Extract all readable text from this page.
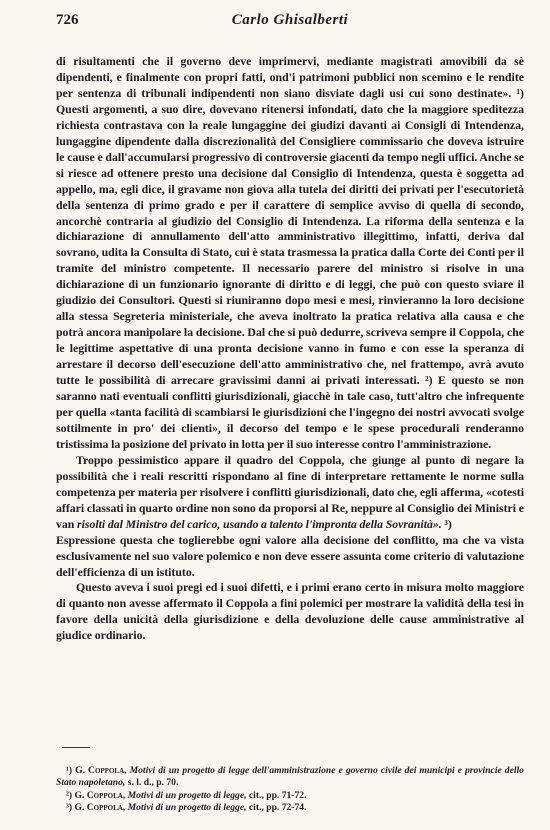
726	Carlo Ghisalberti

di risultamenti che il governo deve imprimervi, mediante magistrati amovibili da sè dipendenti, e finalmente con propri fatti, ond'i patrimoni pubblici non scemino e le rendite per sentenza di tribunali indipendenti non siano disviate dagli usi cui sono destinate». ¹) Questi argomenti, a suo dire, dovevano ritenersi infondati, dato che la maggiore speditezza richiesta contrastava con la reale lungaggine dei giudizi davanti ai Consigli di Intendenza, lungaggine dipendente dalla discrezionalità del Consigliere commissario che doveva istruire le cause e dall'accumularsi progressivo di controversie giacenti da tempo negli uffici. Anche se si riesce ad ottenere presto una decisione dal Consiglio di Intendenza, questa è soggetta ad appello, ma, egli dice, il gravame non giova alla tutela dei diritti dei privati per l'esecutorietà della sentenza di primo grado e per il carattere di semplice avviso di quella di secondo, ancorchè contraria al giudizio del Consiglio di Intendenza. La riforma della sentenza e la dichiarazione di annullamento dell'atto amministrativo illegittimo, infatti, deriva dal sovrano, udita la Consulta di Stato, cui è stata trasmessa la pratica dalla Corte dei Conti per il tramite del ministro competente. Il necessario parere del ministro si risolve in una dichiarazione di un funzionario ignorante di diritto e di leggi, che può con questo sviare il giudizio dei Consultori. Questi si riuniranno dopo mesi e mesi, rinvieranno la loro decisione alla stessa Segreteria ministeriale, che aveva inoltrato la pratica relativa alla causa e che potrà ancora manipolare la decisione. Dal che si può dedurre, scriveva sempre il Coppola, che le legittime aspettative di una pronta decisione vanno in fumo e con esse la speranza di arrestare il decorso dell'esecuzione dell'atto amministrativo che, nel frattempo, avrà avuto tutte le possibilità di arrecare gravissimi danni ai privati interessati. ²) E questo se non saranno nati eventuali conflitti giurisdizionali, giacchè in tale caso, tutt'altro che infrequente per quella «tanta facilità di scambiarsi le giurisdizioni che l'ingegno dei nostri avvocati svolge sottilmente in pro' dei clienti», il decorso del tempo e le spese procedurali renderanno tristissima la posizione del privato in lotta per il suo interesse contro l'amministrazione.

Troppo pessimistico appare il quadro del Coppola, che giunge al punto di negare la possibilità che i reali rescritti rispondano al fine di interpretare rettamente le norme sulla competenza per materia per risolvere i conflitti giurisdizionali, dato che, egli afferma, «cotesti affari classati in quarto ordine non sono da proporsi al Re, neppure al Consiglio dei Ministri e van risolti dal Ministro del carico, usando a talento l'impronta della Sovranità». ³)

Espressione questa che toglierebbe ogni valore alla decisione del conflitto, ma che va vista esclusivamente nel suo valore polemico e non deve essere assunta come criterio di valutazione dell'efficienza di un istituto.

Questo aveva i suoi pregi ed i suoi difetti, e i primi erano certo in misura molto maggiore di quanto non avesse affermato il Coppola a fini polemici per mostrare la validità della tesi in favore della unicità della giurisdizione e della devoluzione delle cause amministrative al giudice ordinario.

¹) G. Coppola, Motivi di un progetto di legge dell'amministrazione e governo civile dei municipi e provincie dello Stato napoletano, s. l. d., p. 70.

²) G. Coppola, Motivi di un progetto di legge, cit., pp. 71-72.

³) G. Coppola, Motivi di un progetto di legge, cit., pp. 72-74.
